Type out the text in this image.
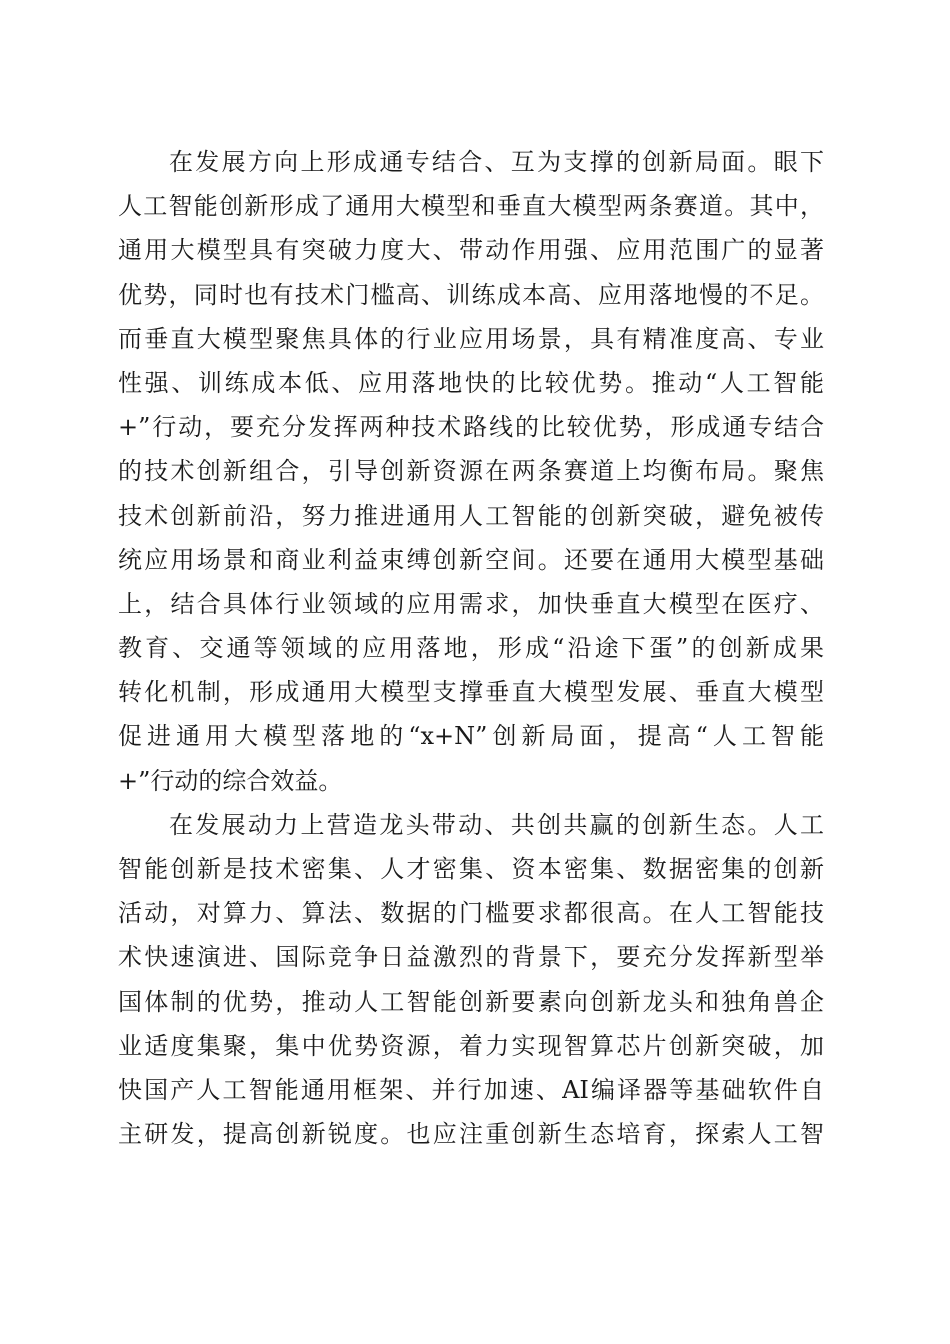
在发展方向上形成通专结合、互为支撑的创新局面。眼下
人工智能创新形成了通用大模型和垂直大模型两条赛道。其中，
通用大模型具有突破力度大、带动作用强、应用范围广的显著
优势，同时也有技术门槛高、训练成本高、应用落地慢的不足。
而垂直大模型聚焦具体的行业应用场景，具有精准度高、专业
性强、训练成本低、应用落地快的比较优势。推动“人工智能
+”行动，要充分发挥两种技术路线的比较优势，形成通专结合
的技术创新组合，引导创新资源在两条赛道上均衡布局。聚焦
技术创新前沿，努力推进通用人工智能的创新突破，避免被传
统应用场景和商业利益束缚创新空间。还要在通用大模型基础
上，结合具体行业领域的应用需求，加快垂直大模型在医疗、
教育、交通等领域的应用落地，形成“沿途下蛋”的创新成果
转化机制，形成通用大模型支撑垂直大模型发展、垂直大模型
促进通用大模型落地的“x+N”创新局面，提高“人工智能
+”行动的综合效益。
在发展动力上营造龙头带动、共创共赢的创新生态。人工
智能创新是技术密集、人才密集、资本密集、数据密集的创新
活动，对算力、算法、数据的门槛要求都很高。在人工智能技
术快速演进、国际竞争日益激烈的背景下，要充分发挥新型举
国体制的优势，推动人工智能创新要素向创新龙头和独角兽企
业适度集聚，集中优势资源，着力实现智算芯片创新突破，加
快国产人工智能通用框架、并行加速、AI编译器等基础软件自
主研发，提高创新锐度。也应注重创新生态培育，探索人工智
